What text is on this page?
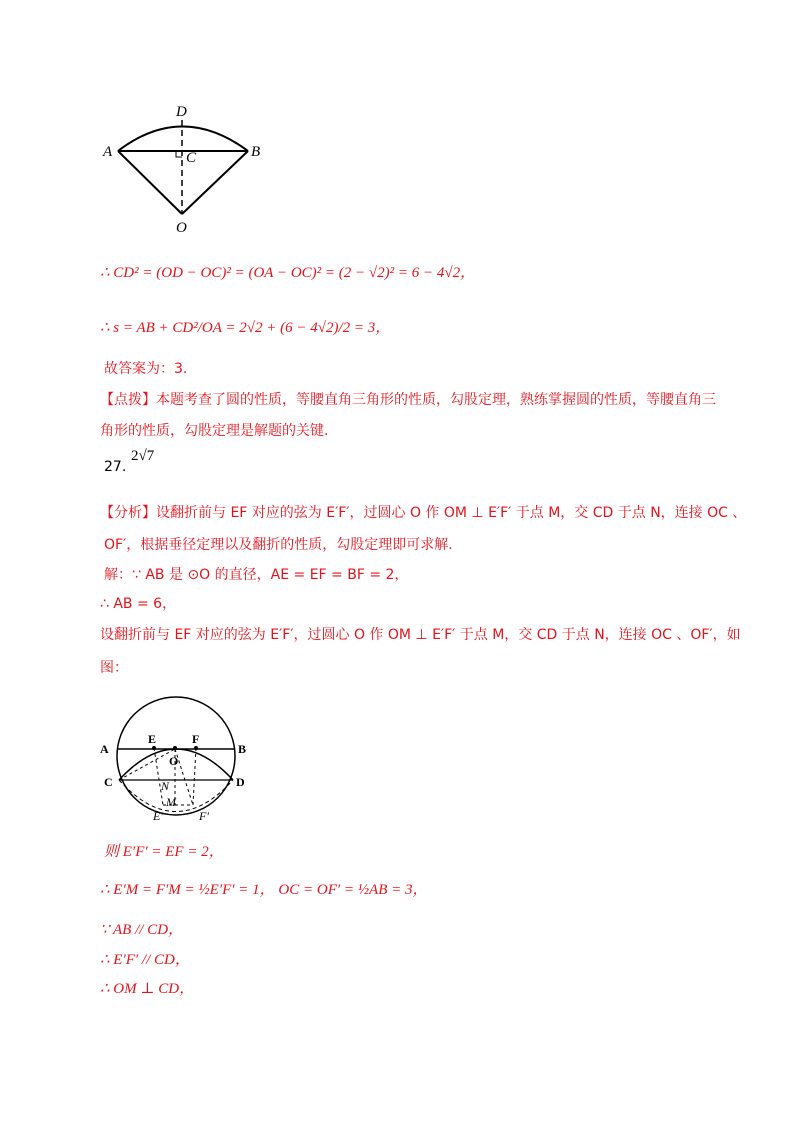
D
A	C	B
O
∴ CD² = (OD − OC)² = (OA − OC)² = (2 − √2)² = 6 − 4√2，
∴ s = AB + CD²/OA = 2√2 + (6 − 4√2)/2 = 3，
故答案为：3.
【点拨】本题考查了圆的性质，等腰直角三角形的性质，勾股定理，熟练掌握圆的性质，等腰直角三
角形的性质，勾股定理是解题的关键.
27.
2√7
【分析】设翻折前与 EF 对应的弦为 E′F′，过圆心 O 作 OM ⊥ E′F′ 于点 M，交 CD 于点 N，连接 OC 、
OF′，根据垂径定理以及翻折的性质，勾股定理即可求解.
解：∵ AB 是 ⊙O 的直径，AE = EF = BF = 2，
∴ AB = 6，
设翻折前与 EF 对应的弦为 E′F′，过圆心 O 作 OM ⊥ E′F′ 于点 M，交 CD 于点 N，连接 OC 、OF′，如
图：
A
E	F
B
O
C	D
N
M
E′	F′
则 E′F′ = EF = 2，
∴ E′M = F′M = ½E′F′ = 1， OC = OF′ = ½AB = 3，
∵ AB // CD，
∴ E′F′ // CD，
∴ OM ⊥ CD，
